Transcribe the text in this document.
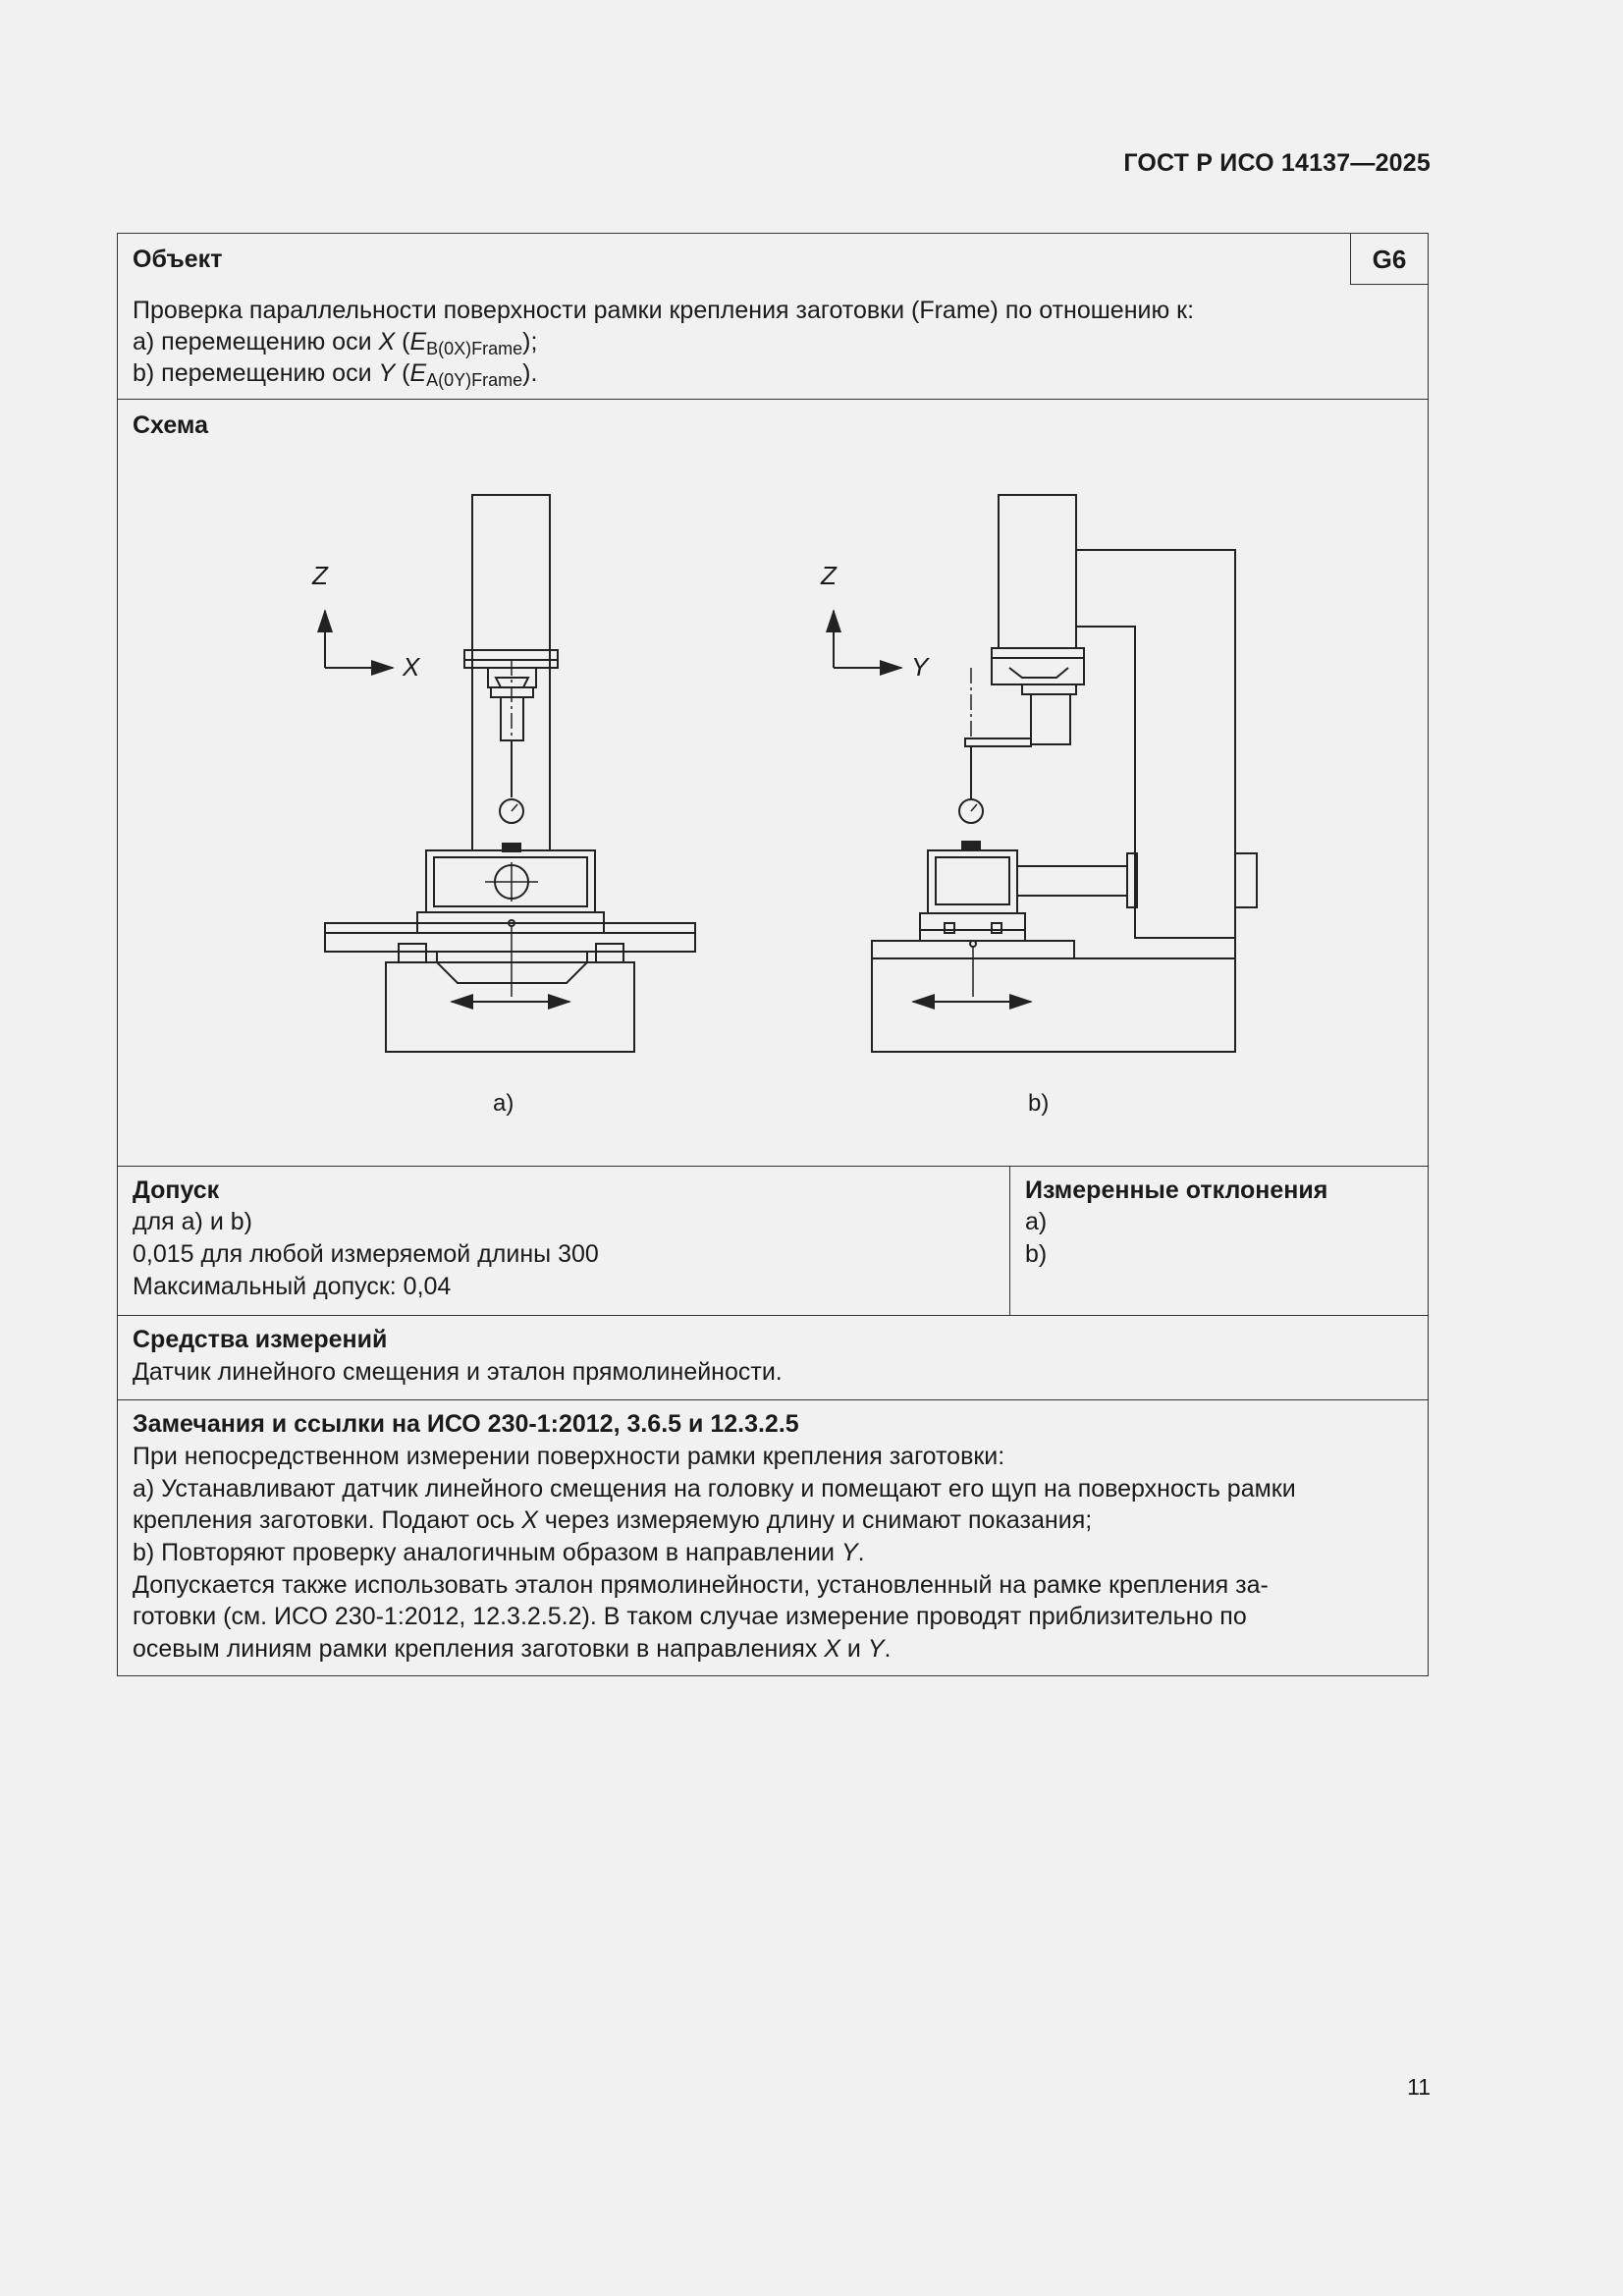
ГОСТ Р ИСО 14137—2025
Объект	G6
Проверка параллельности поверхности рамки крепления заготовки (Frame) по отношению к:
a) перемещению оси X $(E_{B(0X)Frame})$;
b) перемещению оси Y $(E_{A(0Y)Frame})$.
Схема
Допуск
для a) и b)
0,015 для любой измеряемой длины 300
Максимальный допуск: 0,04
Измеренные отклонения
a)
b)
Средства измерений
Датчик линейного смещения и эталон прямолинейности.
Замечания и ссылки на ИСО 230-1:2012, 3.6.5 и 12.3.2.5
При непосредственном измерении поверхности рамки крепления заготовки:
a) Устанавливают датчик линейного смещения на головку и помещают его щуп на поверхность рамки
крепления заготовки. Подают ось X через измеряемую длину и снимают показания;
b) Повторяют проверку аналогичным образом в направлении Y.
Допускается также использовать эталон прямолинейности, установленный на рамке крепления за-
готовки (см. ИСО 230-1:2012, 12.3.2.5.2). В таком случае измерение проводят приблизительно по
осевым линиям рамки крепления заготовки в направлениях X и Y.
Z
X
Z
Y
a)	b)
11
